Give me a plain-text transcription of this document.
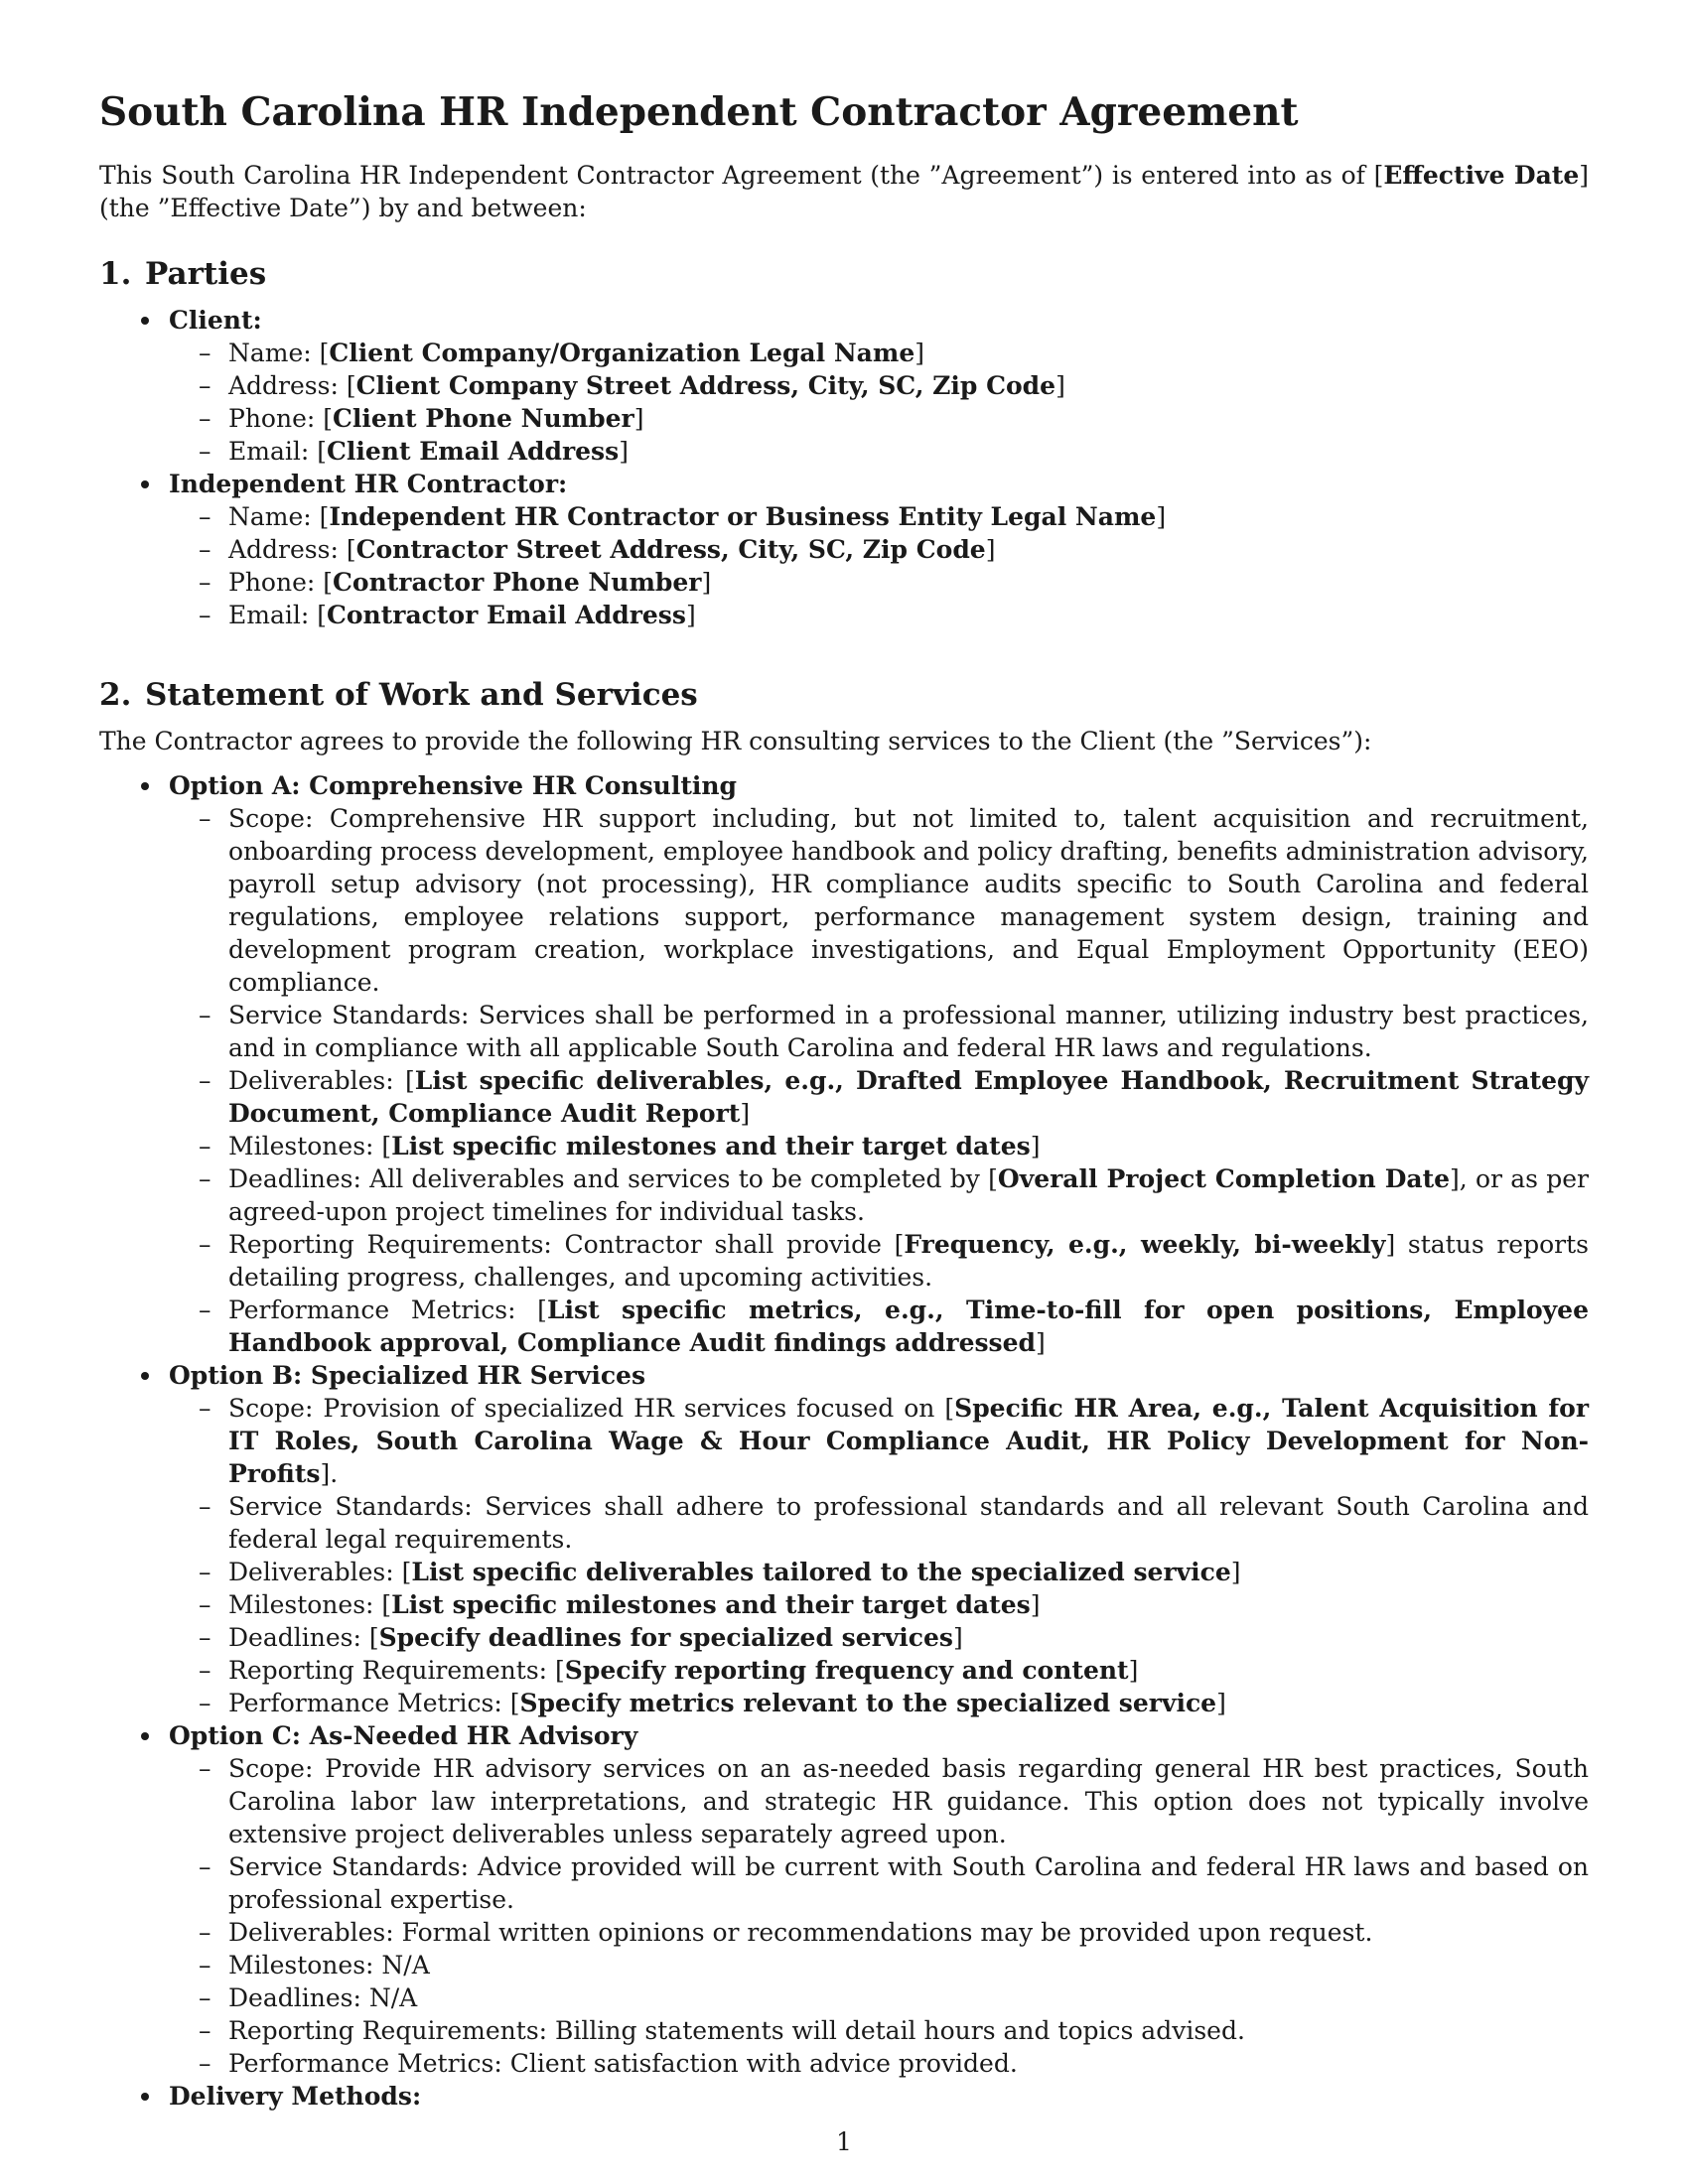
South Carolina HR Independent Contractor Agreement

This South Carolina HR Independent Contractor Agreement (the ”Agreement”) is entered into as of [Effective Date] (the ”Effective Date”) by and between:

1. Parties
Client:
– Name: [Client Company/Organization Legal Name]
– Address: [Client Company Street Address, City, SC, Zip Code]
– Phone: [Client Phone Number]
– Email: [Client Email Address]
Independent HR Contractor:
– Name: [Independent HR Contractor or Business Entity Legal Name]
– Address: [Contractor Street Address, City, SC, Zip Code]
– Phone: [Contractor Phone Number]
– Email: [Contractor Email Address]
2. Statement of Work and Services

The Contractor agrees to provide the following HR consulting services to the Client (the ”Services”):

Option A: Comprehensive HR Consulting
– Scope: Comprehensive HR support including, but not limited to, talent acquisition and recruitment, onboarding process development, employee handbook and policy drafting, benefits administration advisory, payroll setup advisory (not processing), HR compliance audits specific to South Carolina and federal regulations, employee relations support, performance management system design, training and development program creation, workplace investigations, and Equal Employment Opportunity (EEO) compliance.
– Service Standards: Services shall be performed in a professional manner, utilizing industry best practices, and in compliance with all applicable South Carolina and federal HR laws and regulations.
– Deliverables: [List specific deliverables, e.g., Drafted Employee Handbook, Recruitment Strategy Document, Compliance Audit Report]
– Milestones: [List specific milestones and their target dates]
– Deadlines: All deliverables and services to be completed by [Overall Project Completion Date], or as per agreed-upon project timelines for individual tasks.
– Reporting Requirements: Contractor shall provide [Frequency, e.g., weekly, bi-weekly] status reports detailing progress, challenges, and upcoming activities.
– Performance Metrics: [List specific metrics, e.g., Time-to-fill for open positions, Employee Handbook approval, Compliance Audit findings addressed]
Option B: Specialized HR Services
– Scope: Provision of specialized HR services focused on [Specific HR Area, e.g., Talent Acquisition for IT Roles, South Carolina Wage & Hour Compliance Audit, HR Policy Development for Non-Profits].
– Service Standards: Services shall adhere to professional standards and all relevant South Carolina and federal legal requirements.
– Deliverables: [List specific deliverables tailored to the specialized service]
– Milestones: [List specific milestones and their target dates]
– Deadlines: [Specify deadlines for specialized services]
– Reporting Requirements: [Specify reporting frequency and content]
– Performance Metrics: [Specify metrics relevant to the specialized service]
Option C: As-Needed HR Advisory
– Scope: Provide HR advisory services on an as-needed basis regarding general HR best practices, South Carolina labor law interpretations, and strategic HR guidance. This option does not typically involve extensive project deliverables unless separately agreed upon.
– Service Standards: Advice provided will be current with South Carolina and federal HR laws and based on professional expertise.
– Deliverables: Formal written opinions or recommendations may be provided upon request.
– Milestones: N/A
– Deadlines: N/A
– Reporting Requirements: Billing statements will detail hours and topics advised.
– Performance Metrics: Client satisfaction with advice provided.
Delivery Methods:
1
